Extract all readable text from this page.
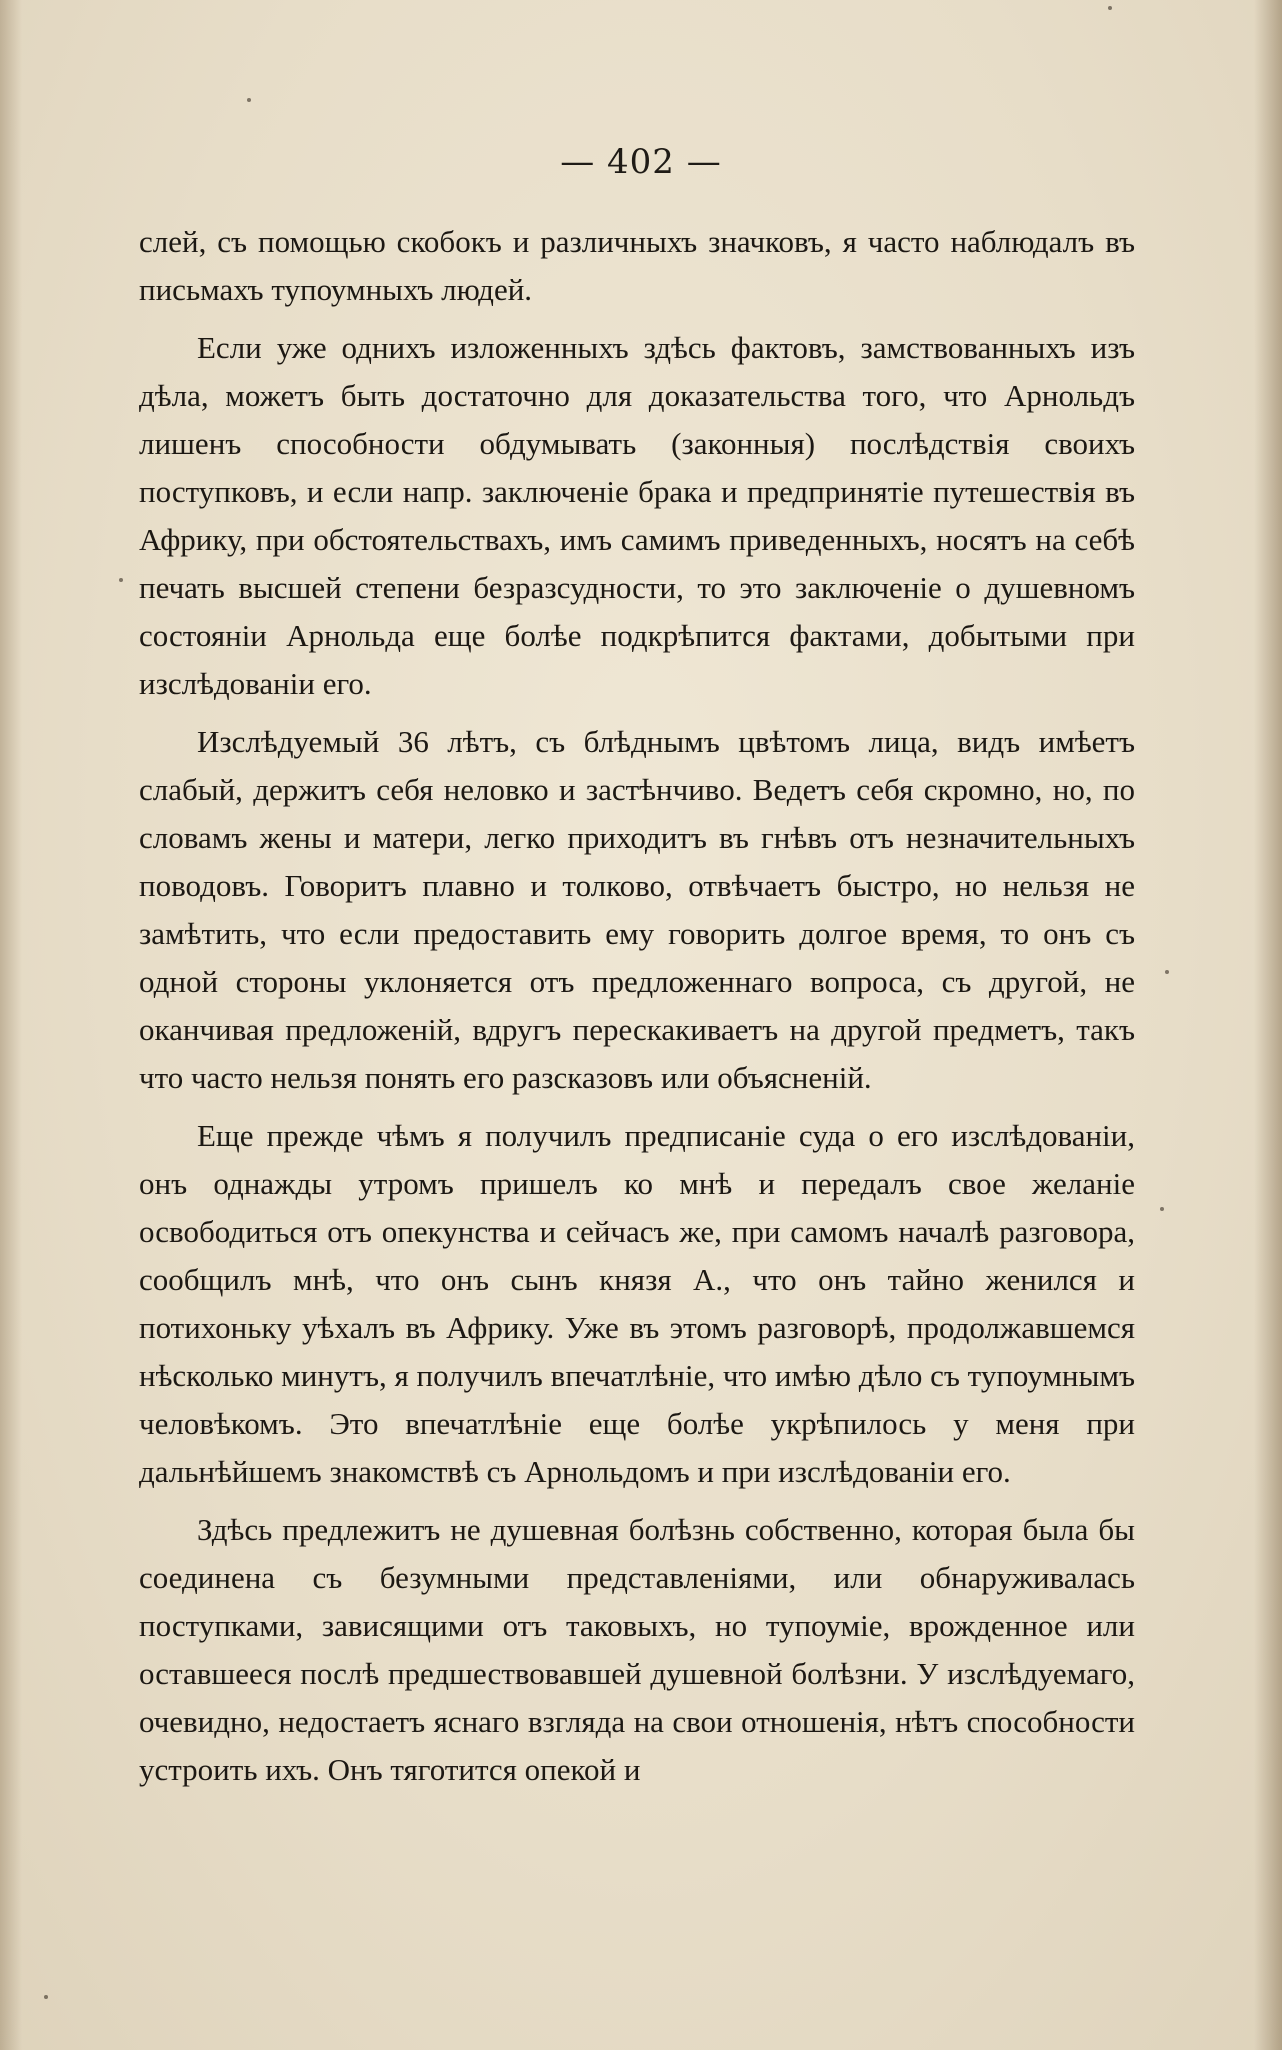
— 402 —

слей, съ помощью скобокъ и различныхъ значковъ, я часто наблюдалъ въ письмахъ тупоумныхъ людей.

Если уже однихъ изложенныхъ здѣсь фактовъ, замствованныхъ изъ дѣла, можетъ быть достаточно для доказательства того, что Арнольдъ лишенъ способности обдумывать (законныя) послѣдствія своихъ поступковъ, и если напр. заключеніе брака и предпринятіе путешествія въ Африку, при обстоятельствахъ, имъ самимъ приведенныхъ, носятъ на себѣ печать высшей степени безразсудности, то это заключеніе о душевномъ состояніи Арнольда еще болѣе подкрѣпится фактами, добытыми при изслѣдованіи его.

Изслѣдуемый 36 лѣтъ, съ блѣднымъ цвѣтомъ лица, видъ имѣетъ слабый, держитъ себя неловко и застѣнчиво. Ведетъ себя скромно, но, по словамъ жены и матери, легко приходитъ въ гнѣвъ отъ незначительныхъ поводовъ. Говоритъ плавно и толково, отвѣчаетъ быстро, но нельзя не замѣтить, что если предоставить ему говорить долгое время, то онъ съ одной стороны уклоняется отъ предложеннаго вопроса, съ другой, не оканчивая предложеній, вдругъ перескакиваетъ на другой предметъ, такъ что часто нельзя понять его разсказовъ или объясненій.

Еще прежде чѣмъ я получилъ предписаніе суда о его изслѣдованіи, онъ однажды утромъ пришелъ ко мнѣ и передалъ свое желаніе освободиться отъ опекунства и сейчасъ же, при самомъ началѣ разговора, сообщилъ мнѣ, что онъ сынъ князя А., что онъ тайно женился и потихоньку уѣхалъ въ Африку. Уже въ этомъ разговорѣ, продолжавшемся нѣсколько минутъ, я получилъ впечатлѣніе, что имѣю дѣло съ тупоумнымъ человѣкомъ. Это впечатлѣніе еще болѣе укрѣпилось у меня при дальнѣйшемъ знакомствѣ съ Арнольдомъ и при изслѣдованіи его.

Здѣсь предлежитъ не душевная болѣзнь собственно, которая была бы соединена съ безумными представленіями, или обнаруживалась поступками, зависящими отъ таковыхъ, но тупоуміе, врожденное или оставшееся послѣ предшествовавшей душевной болѣзни. У изслѣдуемаго, очевидно, недостаетъ яснаго взгляда на свои отношенія, нѣтъ способности устроить ихъ. Онъ тяготится опекой и
